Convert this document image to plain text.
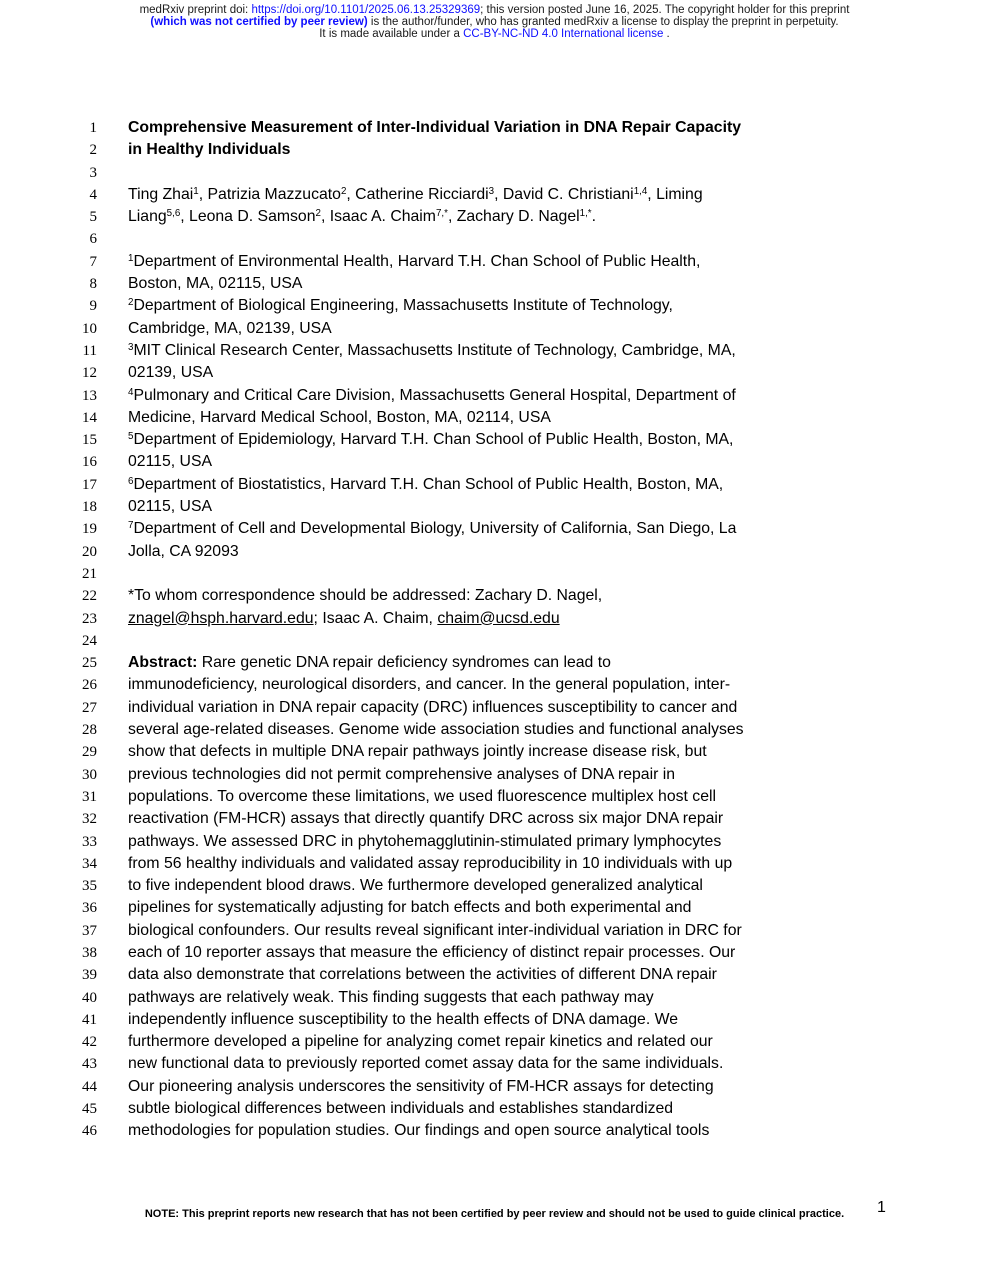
medRxiv preprint doi: https://doi.org/10.1101/2025.06.13.25329369; this version posted June 16, 2025. The copyright holder for this preprint
(which was not certified by peer review) is the author/funder, who has granted medRxiv a license to display the preprint in perpetuity.
It is made available under a CC-BY-NC-ND 4.0 International license .
1 Comprehensive Measurement of Inter-Individual Variation in DNA Repair Capacity
2 in Healthy Individuals
3
4 Ting Zhai$^1$, Patrizia Mazzucato$^2$, Catherine Ricciardi$^3$, David C. Christiani$^{1,4}$, Liming
5 Liang$^{5,6}$, Leona D. Samson$^2$, Isaac A. Chaim$^{7,*}$, Zachary D. Nagel$^{1,*}$.
6
7	$^1$Department of Environmental Health, Harvard T.H. Chan School of Public Health,
8 Boston, MA, 02115, USA
9	$^2$Department of Biological Engineering, Massachusetts Institute of Technology,
10 Cambridge, MA, 02139, USA
11	$^3$MIT Clinical Research Center, Massachusetts Institute of Technology, Cambridge, MA,
12 02139, USA
13	$^4$Pulmonary and Critical Care Division, Massachusetts General Hospital, Department of
14 Medicine, Harvard Medical School, Boston, MA, 02114, USA
15	$^5$Department of Epidemiology, Harvard T.H. Chan School of Public Health, Boston, MA,
16 02115, USA
17	$^6$Department of Biostatistics, Harvard T.H. Chan School of Public Health, Boston, MA,
18 02115, USA
19	$^7$Department of Cell and Developmental Biology, University of California, San Diego, La
20 Jolla, CA 92093
21
22 *To whom correspondence should be addressed: Zachary D. Nagel,
23 znagel@hsph.harvard.edu; Isaac A. Chaim, chaim@ucsd.edu
24
25 Abstract: Rare genetic DNA repair deficiency syndromes can lead to
26 immunodeficiency, neurological disorders, and cancer. In the general population, inter-
27 individual variation in DNA repair capacity (DRC) influences susceptibility to cancer and
28 several age-related diseases. Genome wide association studies and functional analyses
29 show that defects in multiple DNA repair pathways jointly increase disease risk, but
30 previous technologies did not permit comprehensive analyses of DNA repair in
31 populations. To overcome these limitations, we used fluorescence multiplex host cell
32 reactivation (FM-HCR) assays that directly quantify DRC across six major DNA repair
33 pathways. We assessed DRC in phytohemagglutinin-stimulated primary lymphocytes
34 from 56 healthy individuals and validated assay reproducibility in 10 individuals with up
35 to five independent blood draws. We furthermore developed generalized analytical
36 pipelines for systematically adjusting for batch effects and both experimental and
37 biological confounders. Our results reveal significant inter-individual variation in DRC for
38 each of 10 reporter assays that measure the efficiency of distinct repair processes. Our
39 data also demonstrate that correlations between the activities of different DNA repair
40 pathways are relatively weak. This finding suggests that each pathway may
41 independently influence susceptibility to the health effects of DNA damage. We
42 furthermore developed a pipeline for analyzing comet repair kinetics and related our
43 new functional data to previously reported comet assay data for the same individuals.
44 Our pioneering analysis underscores the sensitivity of FM-HCR assays for detecting
45 subtle biological differences between individuals and establishes standardized
46 methodologies for population studies. Our findings and open source analytical tools
NOTE: This preprint reports new research that has not been certified by peer review and should not be used to guide clinical practice.	1
